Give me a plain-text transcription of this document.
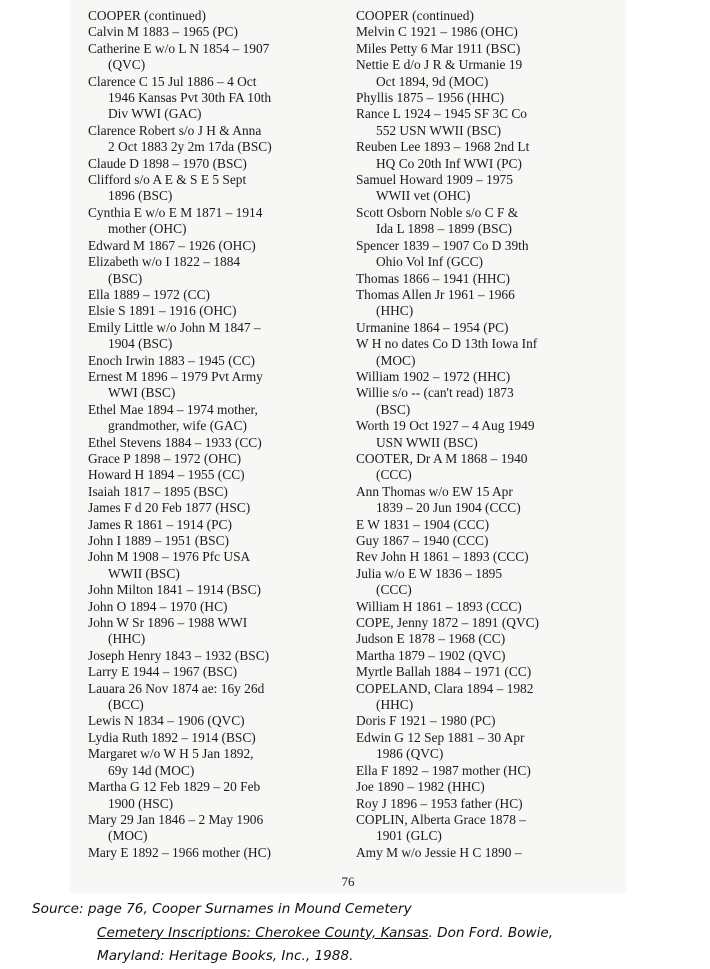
COOPER (continued)
Calvin M 1883 – 1965 (PC)
Catherine E w/o L N 1854 – 1907
(QVC)
Clarence C 15 Jul 1886 – 4 Oct
1946 Kansas Pvt 30th FA 10th
Div WWI (GAC)
Clarence Robert s/o J H & Anna
2 Oct 1883 2y 2m 17da (BSC)
Claude D 1898 – 1970 (BSC)
Clifford s/o A E & S E 5 Sept
1896 (BSC)
Cynthia E w/o E M 1871 – 1914
mother (OHC)
Edward M 1867 – 1926 (OHC)
Elizabeth w/o I 1822 – 1884
(BSC)
Ella 1889 – 1972 (CC)
Elsie S 1891 – 1916 (OHC)
Emily Little w/o John M 1847 –
1904 (BSC)
Enoch Irwin 1883 – 1945 (CC)
Ernest M 1896 – 1979 Pvt Army
WWI (BSC)
Ethel Mae 1894 – 1974 mother,
grandmother, wife (GAC)
Ethel Stevens 1884 – 1933 (CC)
Grace P 1898 – 1972 (OHC)
Howard H 1894 – 1955 (CC)
Isaiah 1817 – 1895 (BSC)
James F d 20 Feb 1877 (HSC)
James R 1861 – 1914 (PC)
John I 1889 – 1951 (BSC)
John M 1908 – 1976 Pfc USA
WWII (BSC)
John Milton 1841 – 1914 (BSC)
John O 1894 – 1970 (HC)
John W Sr 1896 – 1988 WWI
(HHC)
Joseph Henry 1843 – 1932 (BSC)
Larry E 1944 – 1967 (BSC)
Lauara 26 Nov 1874 ae: 16y 26d
(BCC)
Lewis N 1834 – 1906 (QVC)
Lydia Ruth 1892 – 1914 (BSC)
Margaret w/o W H 5 Jan 1892,
69y 14d (MOC)
Martha G 12 Feb 1829 – 20 Feb
1900 (HSC)
Mary 29 Jan 1846 – 2 May 1906
(MOC)
Mary E 1892 – 1966 mother (HC)
COOPER (continued)
Melvin C 1921 – 1986 (OHC)
Miles Petty 6 Mar 1911 (BSC)
Nettie E d/o J R & Urmanie 19
Oct 1894, 9d (MOC)
Phyllis 1875 – 1956 (HHC)
Rance L 1924 – 1945 SF 3C Co
552 USN WWII (BSC)
Reuben Lee 1893 – 1968 2nd Lt
HQ Co 20th Inf WWI (PC)
Samuel Howard 1909 – 1975
WWII vet (OHC)
Scott Osborn Noble s/o C F &
Ida L 1898 – 1899 (BSC)
Spencer 1839 – 1907 Co D 39th
Ohio Vol Inf (GCC)
Thomas 1866 – 1941 (HHC)
Thomas Allen Jr 1961 – 1966
(HHC)
Urmanine 1864 – 1954 (PC)
W H no dates Co D 13th Iowa Inf
(MOC)
William 1902 – 1972 (HHC)
Willie s/o -- (can't read) 1873
(BSC)
Worth 19 Oct 1927 – 4 Aug 1949
USN WWII (BSC)
COOTER, Dr A M 1868 – 1940
(CCC)
Ann Thomas w/o EW 15 Apr
1839 – 20 Jun 1904 (CCC)
E W 1831 – 1904 (CCC)
Guy 1867 – 1940 (CCC)
Rev John H 1861 – 1893 (CCC)
Julia w/o E W 1836 – 1895
(CCC)
William H 1861 – 1893 (CCC)
COPE, Jenny 1872 – 1891 (QVC)
Judson E 1878 – 1968 (CC)
Martha 1879 – 1902 (QVC)
Myrtle Ballah 1884 – 1971 (CC)
COPELAND, Clara 1894 – 1982
(HHC)
Doris F 1921 – 1980 (PC)
Edwin G 12 Sep 1881 – 30 Apr
1986 (QVC)
Ella F 1892 – 1987 mother (HC)
Joe 1890 – 1982 (HHC)
Roy J 1896 – 1953 father (HC)
COPLIN, Alberta Grace 1878 –
1901 (GLC)
Amy M w/o Jessie H C 1890 –
76
Source: page 76, Cooper Surnames in Mound Cemetery
Cemetery Inscriptions: Cherokee County, Kansas. Don Ford. Bowie,
Maryland: Heritage Books, Inc., 1988.
